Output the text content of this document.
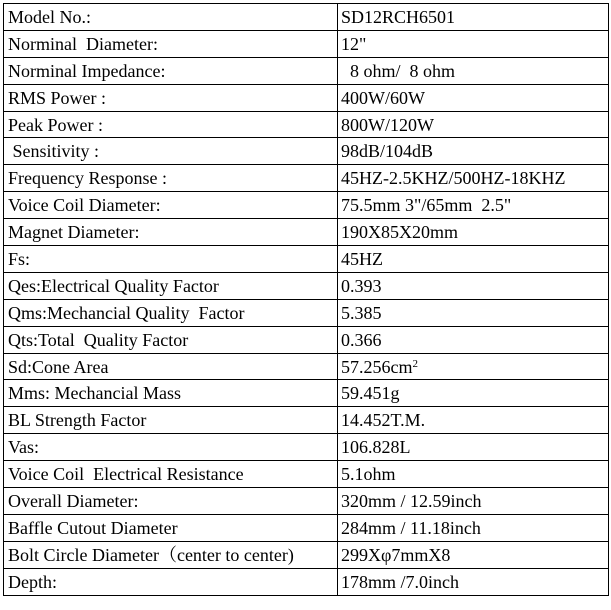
Model No.:	SD12RCH6501
Norminal  Diameter:	12"
Norminal Impedance:	8 ohm/  8 ohm
RMS Power :	400W/60W
Peak Power :	800W/120W
Sensitivity :	98dB/104dB
Frequency Response :	45HZ-2.5KHZ/500HZ-18KHZ
Voice Coil Diameter:	75.5mm 3"/65mm  2.5"
Magnet Diameter:	190X85X20mm
Fs:	45HZ
Qes:Electrical Quality Factor	0.393
Qms:Mechancial Quality  Factor	5.385
Qts:Total  Quality Factor	0.366
Sd:Cone Area	$57.256cm^2$
Mms: Mechancial Mass	59.451g
BL Strength Factor	14.452T.M.
Vas:	106.828L
Voice Coil  Electrical Resistance	5.1ohm
Overall Diameter:	320mm / 12.59inch
Baffle Cutout Diameter	284mm / 11.18inch
Bolt Circle Diameter（center to center)	299Xφ7mmX8
Depth:	178mm /7.0inch
